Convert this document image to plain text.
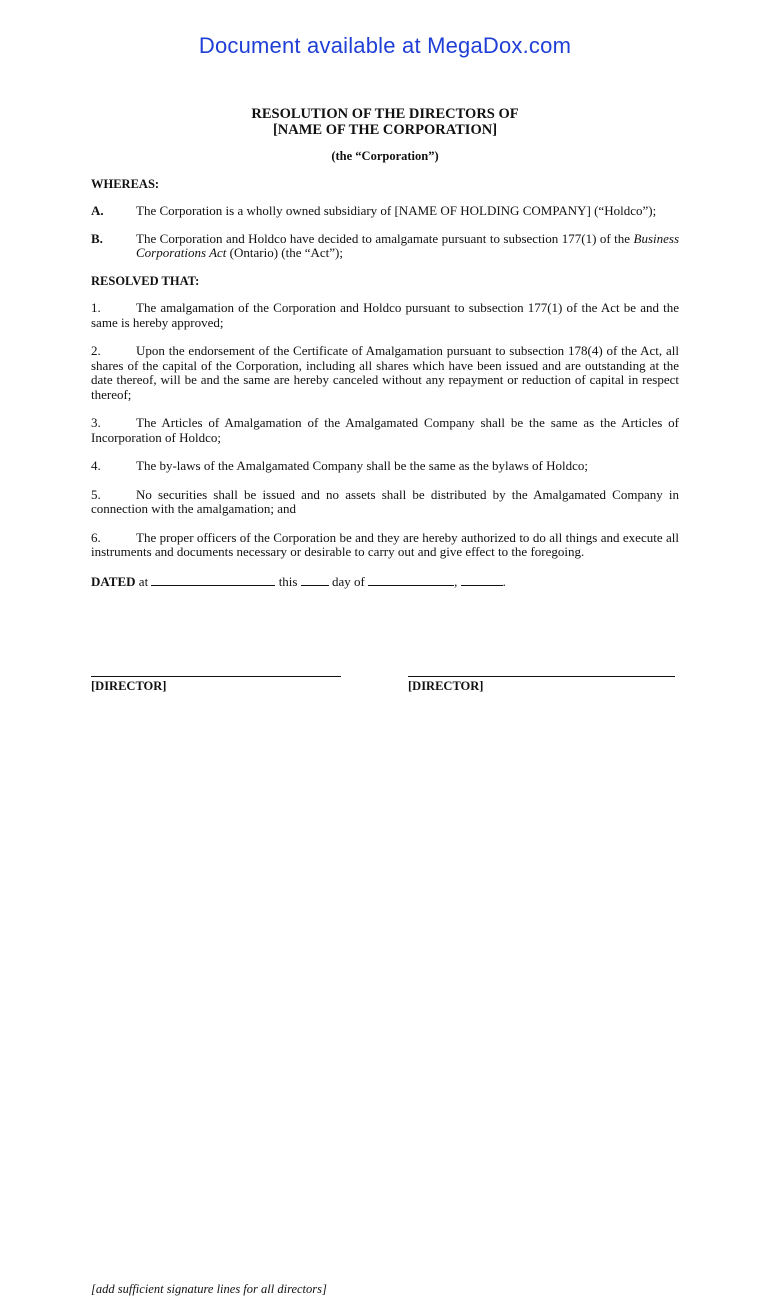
Document available at MegaDox.com
RESOLUTION OF THE DIRECTORS OF
[NAME OF THE CORPORATION]
(the “Corporation”)
WHEREAS:
A.	The Corporation is a wholly owned subsidiary of [NAME OF HOLDING COMPANY] (“Holdco”);
B.	The Corporation and Holdco have decided to amalgamate pursuant to subsection 177(1) of the Business Corporations Act (Ontario) (the “Act”);
RESOLVED THAT:
1.	The amalgamation of the Corporation and Holdco pursuant to subsection 177(1) of the Act be and the same is hereby approved;
2.	Upon the endorsement of the Certificate of Amalgamation pursuant to subsection 178(4) of the Act, all shares of the capital of the Corporation, including all shares which have been issued and are outstanding at the date thereof, will be and the same are hereby canceled without any repayment or reduction of capital in respect thereof;
3.	The Articles of Amalgamation of the Amalgamated Company shall be the same as the Articles of Incorporation of Holdco;
4.	The by-laws of the Amalgamated Company shall be the same as the bylaws of Holdco;
5.	No securities shall be issued and no assets shall be distributed by the Amalgamated Company in connection with the amalgamation; and
6.	The proper officers of the Corporation be and they are hereby authorized to do all things and execute all instruments and documents necessary or desirable to carry out and give effect to the foregoing.
DATED at	this	day of	,	.
[DIRECTOR]	[DIRECTOR]
[add sufficient signature lines for all directors]
